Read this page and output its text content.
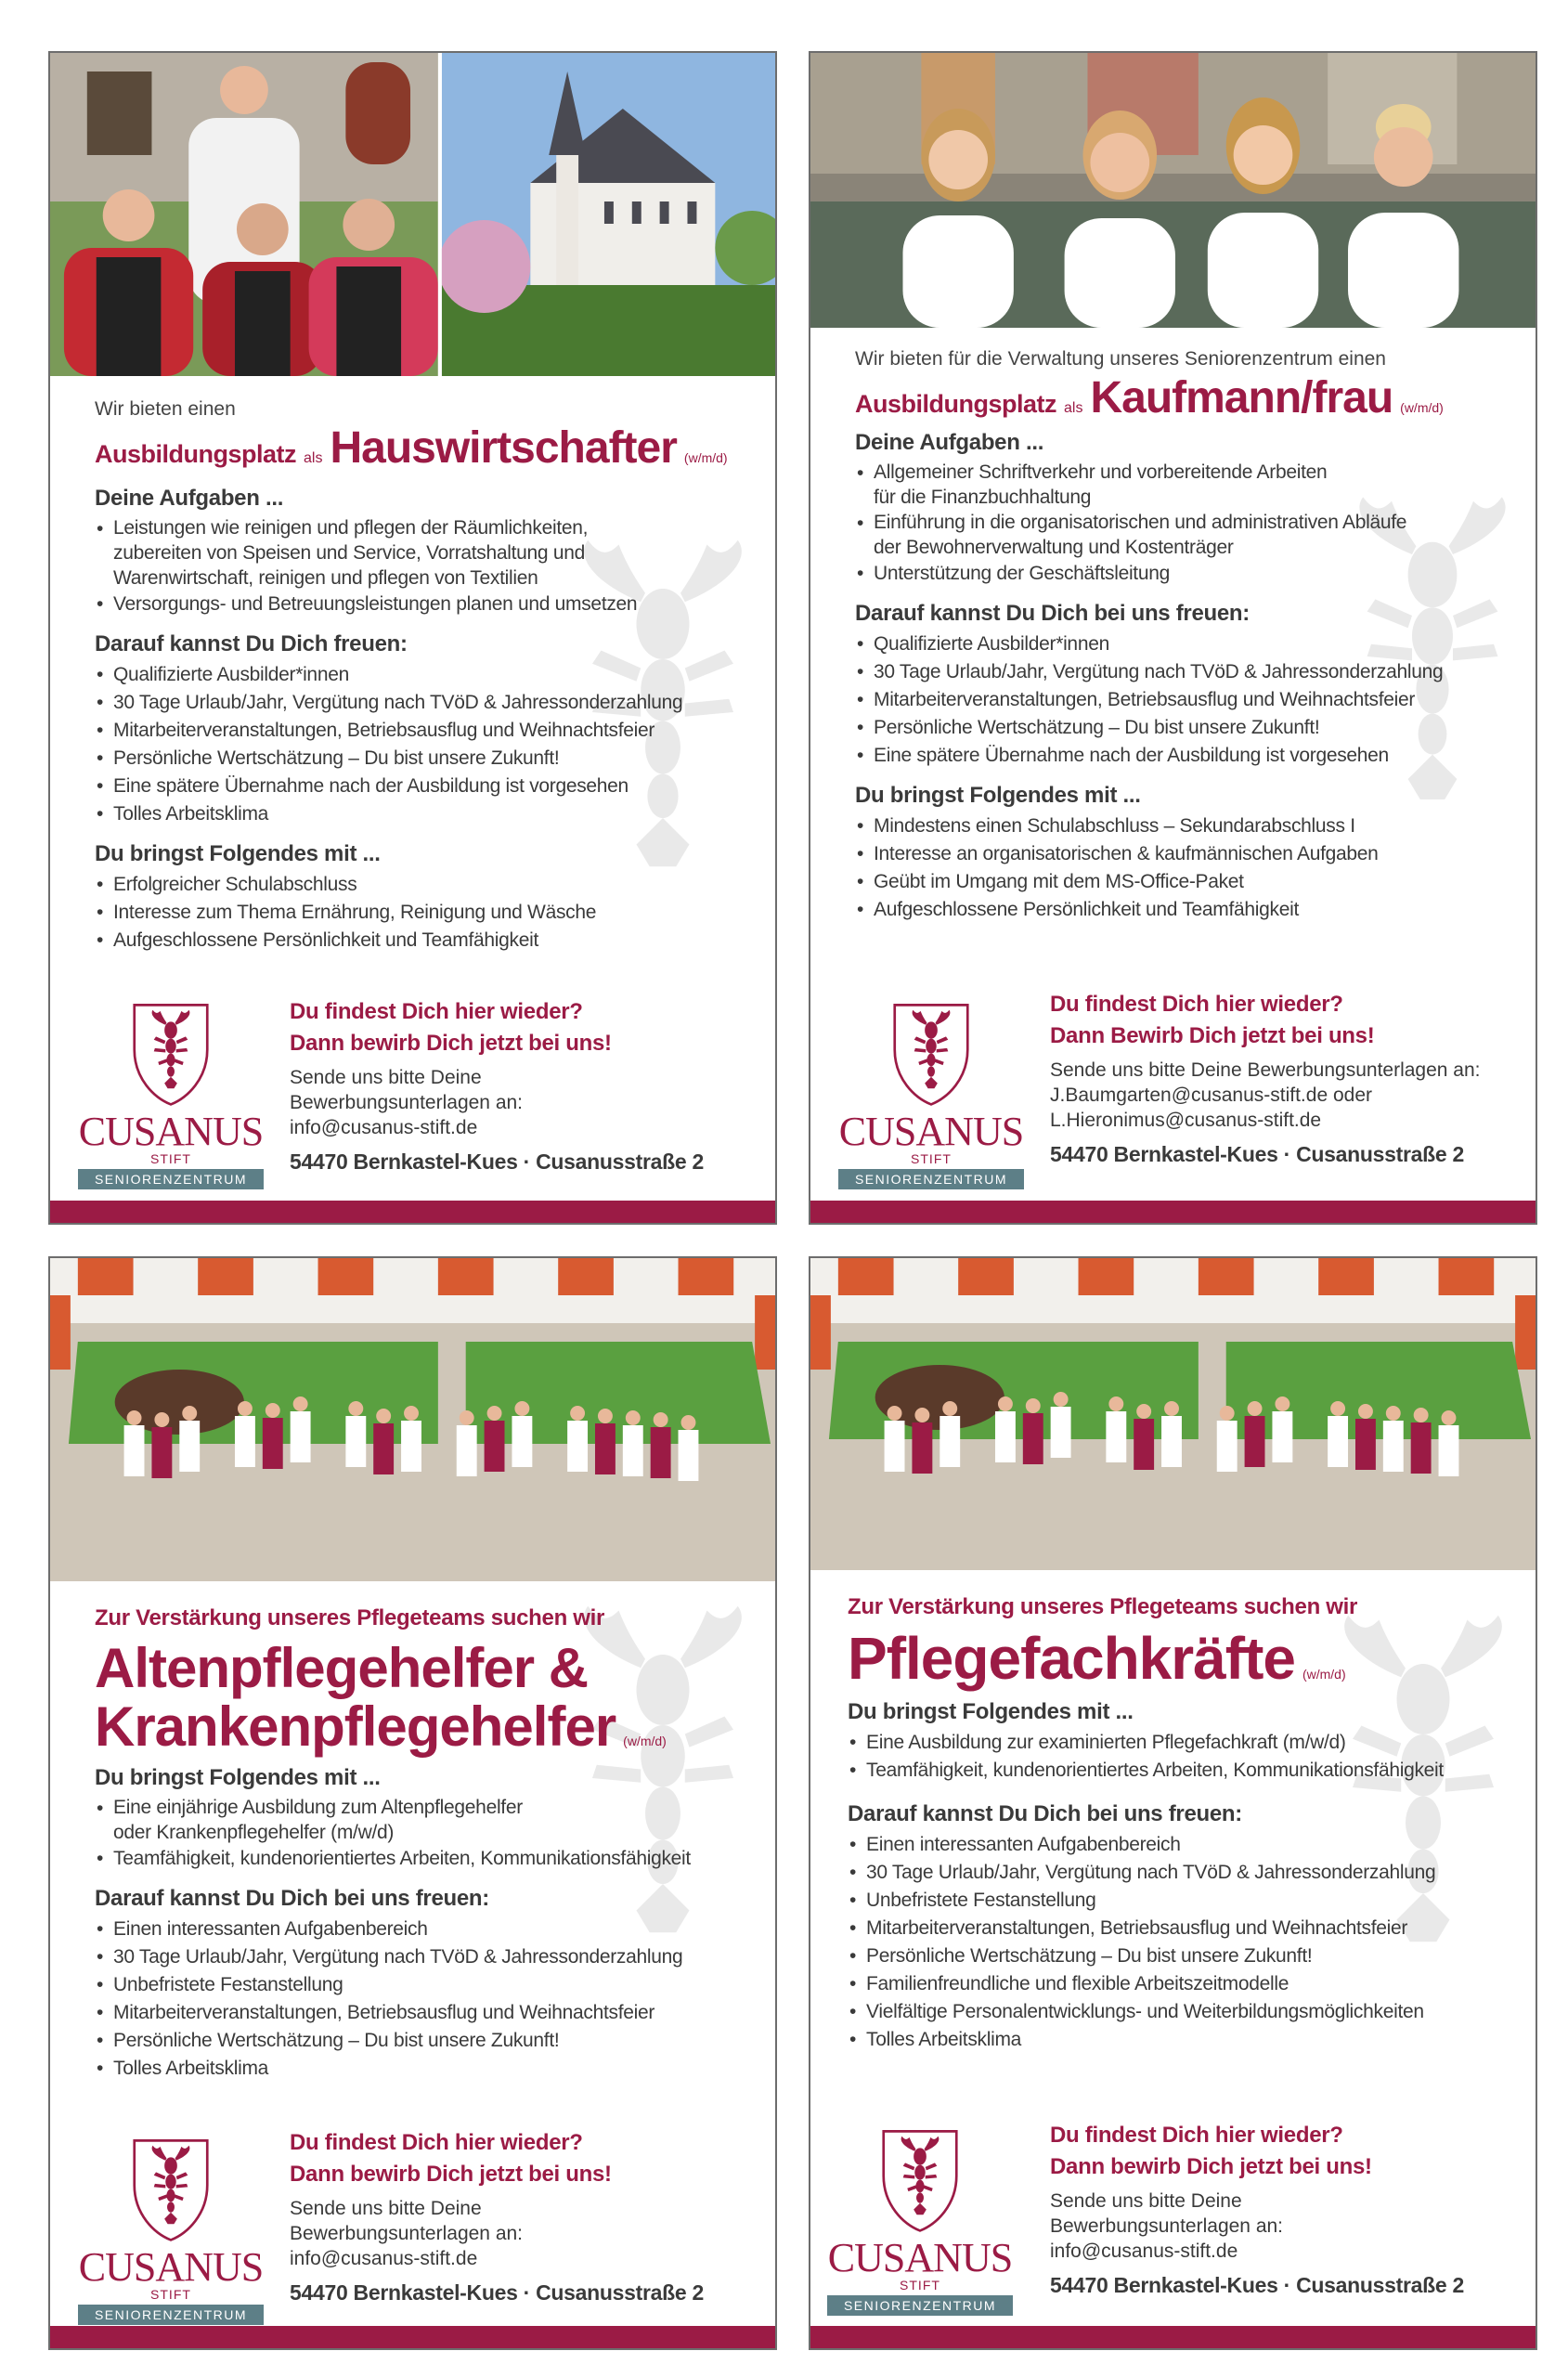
Wir bieten einen
Ausbildungsplatz als Hauswirtschafter (w/m/d)
Deine Aufgaben ...
• Leistungen wie reinigen und pflegen der Räumlichkeiten,
zubereiten von Speisen und Service, Vorratshaltung und
Warenwirtschaft, reinigen und pflegen von Textilien
• Versorgungs- und Betreuungsleistungen planen und umsetzen
Darauf kannst Du Dich freuen:
• Qualifizierte Ausbilder*innen
• 30 Tage Urlaub/Jahr, Vergütung nach TVöD & Jahressonderzahlung
• Mitarbeiterveranstaltungen, Betriebsausflug und Weihnachtsfeier
• Persönliche Wertschätzung – Du bist unsere Zukunft!
• Eine spätere Übernahme nach der Ausbildung ist vorgesehen
• Tolles Arbeitsklima
Du bringst Folgendes mit ...
• Erfolgreicher Schulabschluss
• Interesse zum Thema Ernährung, Reinigung und Wäsche
• Aufgeschlossene Persönlichkeit und Teamfähigkeit
CUSANUS
STIFT
SENIORENZENTRUM
Du findest Dich hier wieder?
Dann bewirb Dich jetzt bei uns!
Sende uns bitte Deine
Bewerbungsunterlagen an:
info@cusanus-stift.de
54470 Bernkastel-Kues · Cusanusstraße 2
Wir bieten für die Verwaltung unseres Seniorenzentrum einen
Ausbildungsplatz als Kaufmann/frau (w/m/d)
Deine Aufgaben ...
• Allgemeiner Schriftverkehr und vorbereitende Arbeiten
für die Finanzbuchhaltung
• Einführung in die organisatorischen und administrativen Abläufe
der Bewohnerverwaltung und Kostenträger
• Unterstützung der Geschäftsleitung
Darauf kannst Du Dich bei uns freuen:
• Qualifizierte Ausbilder*innen
• 30 Tage Urlaub/Jahr, Vergütung nach TVöD & Jahressonderzahlung
• Mitarbeiterveranstaltungen, Betriebsausflug und Weihnachtsfeier
• Persönliche Wertschätzung – Du bist unsere Zukunft!
• Eine spätere Übernahme nach der Ausbildung ist vorgesehen
Du bringst Folgendes mit ...
• Mindestens einen Schulabschluss – Sekundarabschluss I
• Interesse an organisatorischen & kaufmännischen Aufgaben
• Geübt im Umgang mit dem MS-Office-Paket
• Aufgeschlossene Persönlichkeit und Teamfähigkeit
CUSANUS
STIFT
SENIORENZENTRUM
Du findest Dich hier wieder?
Dann Bewirb Dich jetzt bei uns!
Sende uns bitte Deine Bewerbungsunterlagen an:
J.Baumgarten@cusanus-stift.de oder
L.Hieronimus@cusanus-stift.de
54470 Bernkastel-Kues · Cusanusstraße 2
Zur Verstärkung unseres Pflegeteams suchen wir
Altenpflegehelfer &
Krankenpflegehelfer (w/m/d)
Du bringst Folgendes mit ...
• Eine einjährige Ausbildung zum Altenpflegehelfer
oder Krankenpflegehelfer (m/w/d)
• Teamfähigkeit, kundenorientiertes Arbeiten, Kommunikationsfähigkeit
Darauf kannst Du Dich bei uns freuen:
• Einen interessanten Aufgabenbereich
• 30 Tage Urlaub/Jahr, Vergütung nach TVöD & Jahressonderzahlung
• Unbefristete Festanstellung
• Mitarbeiterveranstaltungen, Betriebsausflug und Weihnachtsfeier
• Persönliche Wertschätzung – Du bist unsere Zukunft!
• Tolles Arbeitsklima
CUSANUS
STIFT
SENIORENZENTRUM
Du findest Dich hier wieder?
Dann bewirb Dich jetzt bei uns!
Sende uns bitte Deine
Bewerbungsunterlagen an:
info@cusanus-stift.de
54470 Bernkastel-Kues · Cusanusstraße 2
Zur Verstärkung unseres Pflegeteams suchen wir
Pflegefachkräfte (w/m/d)
Du bringst Folgendes mit ...
• Eine Ausbildung zur examinierten Pflegefachkraft (m/w/d)
• Teamfähigkeit, kundenorientiertes Arbeiten, Kommunikationsfähigkeit
Darauf kannst Du Dich bei uns freuen:
• Einen interessanten Aufgabenbereich
• 30 Tage Urlaub/Jahr, Vergütung nach TVöD & Jahressonderzahlung
• Unbefristete Festanstellung
• Mitarbeiterveranstaltungen, Betriebsausflug und Weihnachtsfeier
• Persönliche Wertschätzung – Du bist unsere Zukunft!
• Familienfreundliche und flexible Arbeitszeitmodelle
• Vielfältige Personalentwicklungs- und Weiterbildungsmöglichkeiten
• Tolles Arbeitsklima
CUSANUS
STIFT
SENIORENZENTRUM
Du findest Dich hier wieder?
Dann bewirb Dich jetzt bei uns!
Sende uns bitte Deine
Bewerbungsunterlagen an:
info@cusanus-stift.de
54470 Bernkastel-Kues · Cusanusstraße 2
